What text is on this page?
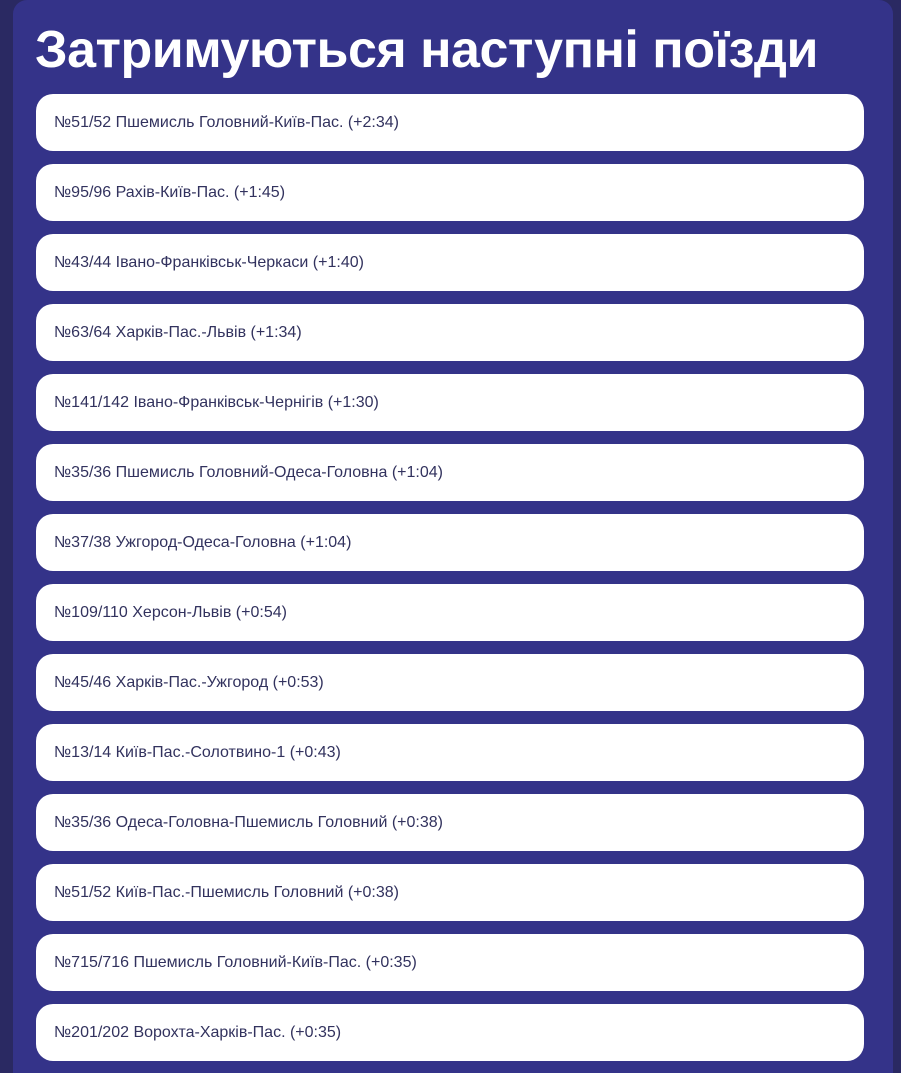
Затримуються наступні поїзди
№51/52 Пшемисль Головний-Київ-Пас. (+2:34)
№95/96 Рахів-Київ-Пас. (+1:45)
№43/44 Івано-Франківськ-Черкаси (+1:40)
№63/64 Харків-Пас.-Львів (+1:34)
№141/142 Івано-Франківськ-Чернігів (+1:30)
№35/36 Пшемисль Головний-Одеса-Головна (+1:04)
№37/38 Ужгород-Одеса-Головна (+1:04)
№109/110 Херсон-Львів (+0:54)
№45/46 Харків-Пас.-Ужгород (+0:53)
№13/14 Київ-Пас.-Солотвино-1 (+0:43)
№35/36 Одеса-Головна-Пшемисль Головний (+0:38)
№51/52 Київ-Пас.-Пшемисль Головний (+0:38)
№715/716 Пшемисль Головний-Київ-Пас. (+0:35)
№201/202 Ворохта-Харків-Пас. (+0:35)
